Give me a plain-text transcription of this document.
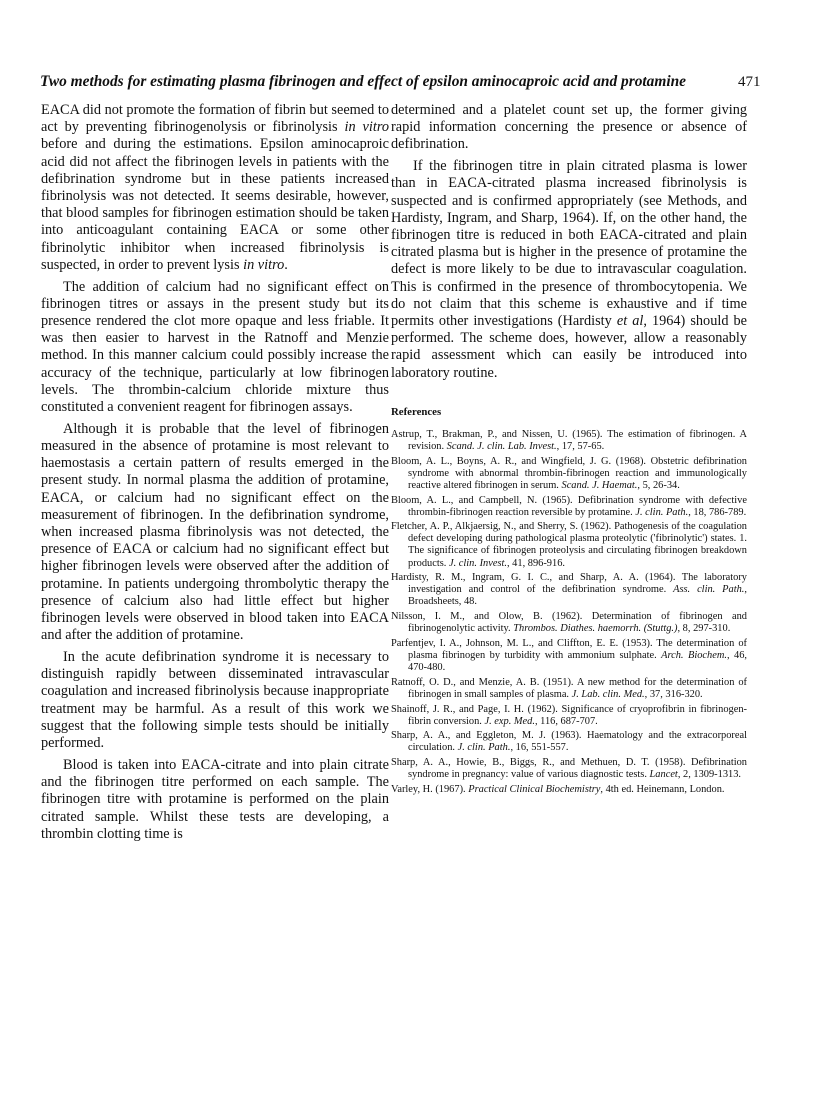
Two methods for estimating plasma fibrinogen and effect of epsilon aminocaproic acid and protamine	471

EACA did not promote the formation of fibrin but seemed to act by preventing fibrinogenolysis or fibrinolysis in vitro before and during the estimations. Epsilon aminocaproic acid did not affect the fibrinogen levels in patients with the defibrination syndrome but in these patients increased fibrinolysis was not detected. It seems desirable, however, that blood samples for fibrinogen estimation should be taken into anticoagulant containing EACA or some other fibrinolytic inhibitor when increased fibrinolysis is suspected, in order to prevent lysis in vitro.

The addition of calcium had no significant effect on fibrinogen titres or assays in the present study but its presence rendered the clot more opaque and less friable. It was then easier to harvest in the Ratnoff and Menzie method. In this manner calcium could possibly increase the accuracy of the technique, particularly at low fibrinogen levels. The thrombin-calcium chloride mixture thus constituted a convenient reagent for fibrinogen assays.

Although it is probable that the level of fibrinogen measured in the absence of protamine is most relevant to haemostasis a certain pattern of results emerged in the present study. In normal plasma the addition of protamine, EACA, or calcium had no significant effect on the measurement of fibrinogen. In the defibrination syndrome, when increased plasma fibrinolysis was not detected, the presence of EACA or calcium had no significant effect but higher fibrinogen levels were observed after the addition of protamine. In patients undergoing thrombolytic therapy the presence of calcium also had little effect but higher fibrinogen levels were observed in blood taken into EACA and after the addition of protamine.

In the acute defibrination syndrome it is necessary to distinguish rapidly between disseminated intravascular coagulation and increased fibrinolysis because inappropriate treatment may be harmful. As a result of this work we suggest that the following simple tests should be initially performed.

Blood is taken into EACA-citrate and into plain citrate and the fibrinogen titre performed on each sample. The fibrinogen titre with protamine is performed on the plain citrated sample. Whilst these tests are developing, a thrombin clotting time is

determined and a platelet count set up, the former giving rapid information concerning the presence or absence of defibrination.

If the fibrinogen titre in plain citrated plasma is lower than in EACA-citrated plasma increased fibrinolysis is suspected and is confirmed appropriately (see Methods, and Hardisty, Ingram, and Sharp, 1964). If, on the other hand, the fibrinogen titre is reduced in both EACA-citrated and plain citrated plasma but is higher in the presence of protamine the defect is more likely to be due to intravascular coagulation. This is confirmed in the presence of thrombocytopenia. We do not claim that this scheme is exhaustive and if time permits other investigations (Hardisty et al, 1964) should be performed. The scheme does, however, allow a reasonably rapid assessment which can easily be introduced into laboratory routine.

References

Astrup, T., Brakman, P., and Nissen, U. (1965). The estimation of fibrinogen. A revision. Scand. J. clin. Lab. Invest., 17, 57-65.

Bloom, A. L., Boyns, A. R., and Wingfield, J. G. (1968). Obstetric defibrination syndrome with abnormal thrombin-fibrinogen reaction and immunologically reactive altered fibrinogen in serum. Scand. J. Haemat., 5, 26-34.

Bloom, A. L., and Campbell, N. (1965). Defibrination syndrome with defective thrombin-fibrinogen reaction reversible by protamine. J. clin. Path., 18, 786-789.

Fletcher, A. P., Alkjaersig, N., and Sherry, S. (1962). Pathogenesis of the coagulation defect developing during pathological plasma proteolytic ('fibrinolytic') states. 1. The significance of fibrinogen proteolysis and circulating fibrinogen breakdown products. J. clin. Invest., 41, 896-916.

Hardisty, R. M., Ingram, G. I. C., and Sharp, A. A. (1964). The laboratory investigation and control of the defibrination syndrome. Ass. clin. Path., Broadsheets, 48.

Nilsson, I. M., and Olow, B. (1962). Determination of fibrinogen and fibrinogenolytic activity. Thrombos. Diathes. haemorrh. (Stuttg.), 8, 297-310.

Parfentjev, I. A., Johnson, M. L., and Cliffton, E. E. (1953). The determination of plasma fibrinogen by turbidity with ammonium sulphate. Arch. Biochem., 46, 470-480.

Ratnoff, O. D., and Menzie, A. B. (1951). A new method for the determination of fibrinogen in small samples of plasma. J. Lab. clin. Med., 37, 316-320.

Shainoff, J. R., and Page, I. H. (1962). Significance of cryoprofibrin in fibrinogen-fibrin conversion. J. exp. Med., 116, 687-707.

Sharp, A. A., and Eggleton, M. J. (1963). Haematology and the extracorporeal circulation. J. clin. Path., 16, 551-557.

Sharp, A. A., Howie, B., Biggs, R., and Methuen, D. T. (1958). Defibrination syndrome in pregnancy: value of various diagnostic tests. Lancet, 2, 1309-1313.

Varley, H. (1967). Practical Clinical Biochemistry, 4th ed. Heinemann, London.
